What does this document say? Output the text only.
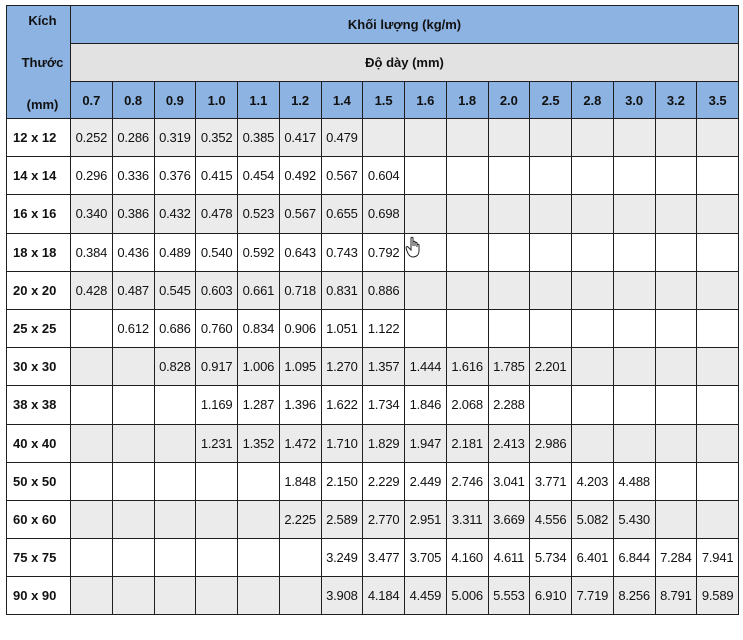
Kích
Thước
(mm)	Khối lượng (kg/m)															
	Độ dày (mm)															
	0.7	0.8	0.9	1.0	1.1	1.2	1.4	1.5	1.6	1.8	2.0	2.5	2.8	3.0	3.2	3.5
12 x 12	0.252	0.286	0.319	0.352	0.385	0.417	0.479									
14 x 14	0.296	0.336	0.376	0.415	0.454	0.492	0.567	0.604								
16 x 16	0.340	0.386	0.432	0.478	0.523	0.567	0.655	0.698								
18 x 18	0.384	0.436	0.489	0.540	0.592	0.643	0.743	0.792								
20 x 20	0.428	0.487	0.545	0.603	0.661	0.718	0.831	0.886								
25 x 25		0.612	0.686	0.760	0.834	0.906	1.051	1.122								
30 x 30			0.828	0.917	1.006	1.095	1.270	1.357	1.444	1.616	1.785	2.201				
38 x 38				1.169	1.287	1.396	1.622	1.734	1.846	2.068	2.288					
40 x 40				1.231	1.352	1.472	1.710	1.829	1.947	2.181	2.413	2.986				
50 x 50						1.848	2.150	2.229	2.449	2.746	3.041	3.771	4.203	4.488		
60 x 60						2.225	2.589	2.770	2.951	3.311	3.669	4.556	5.082	5.430		
75 x 75							3.249	3.477	3.705	4.160	4.611	5.734	6.401	6.844	7.284	7.941
90 x 90							3.908	4.184	4.459	5.006	5.553	6.910	7.719	8.256	8.791	9.589
